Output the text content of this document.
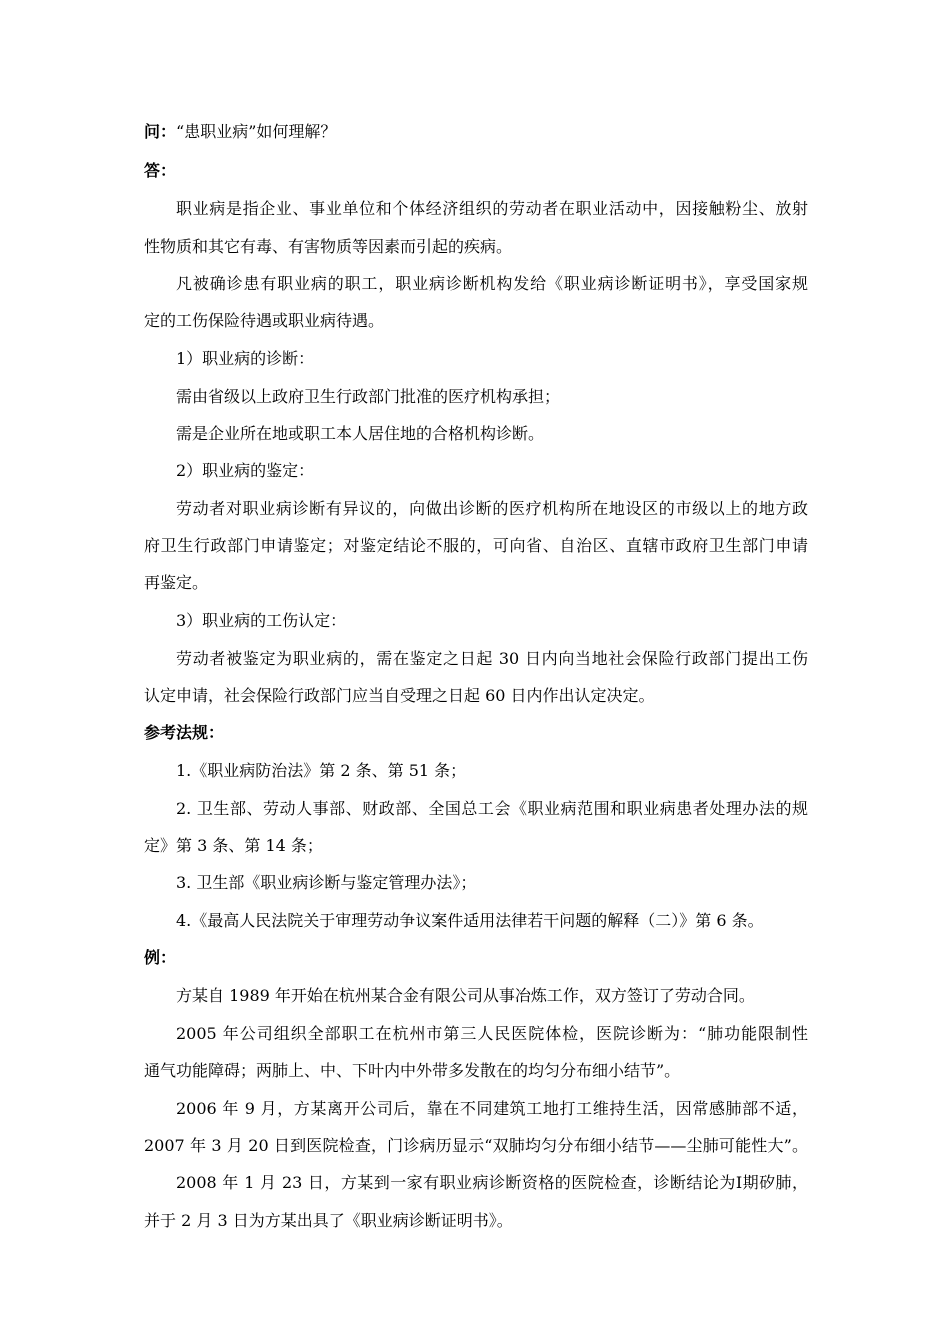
问：“患职业病”如何理解？
答：
职业病是指企业、事业单位和个体经济组织的劳动者在职业活动中，因接触粉尘、放射
性物质和其它有毒、有害物质等因素而引起的疾病。
凡被确诊患有职业病的职工，职业病诊断机构发给《职业病诊断证明书》，享受国家规
定的工伤保险待遇或职业病待遇。
1）职业病的诊断：
需由省级以上政府卫生行政部门批准的医疗机构承担；
需是企业所在地或职工本人居住地的合格机构诊断。
2）职业病的鉴定：
劳动者对职业病诊断有异议的，向做出诊断的医疗机构所在地设区的市级以上的地方政
府卫生行政部门申请鉴定；对鉴定结论不服的，可向省、自治区、直辖市政府卫生部门申请
再鉴定。
3）职业病的工伤认定：
劳动者被鉴定为职业病的，需在鉴定之日起 30 日内向当地社会保险行政部门提出工伤
认定申请，社会保险行政部门应当自受理之日起 60 日内作出认定决定。
参考法规：
1.《职业病防治法》第 2 条、第 51 条；
2. 卫生部、劳动人事部、财政部、全国总工会《职业病范围和职业病患者处理办法的规
定》第 3 条、第 14 条；
3. 卫生部《职业病诊断与鉴定管理办法》；
4.《最高人民法院关于审理劳动争议案件适用法律若干问题的解释（二）》第 6 条。
例：
方某自 1989 年开始在杭州某合金有限公司从事冶炼工作，双方签订了劳动合同。
2005 年公司组织全部职工在杭州市第三人民医院体检，医院诊断为：“肺功能限制性
通气功能障碍；两肺上、中、下叶内中外带多发散在的均匀分布细小结节”。
2006 年 9 月，方某离开公司后，靠在不同建筑工地打工维持生活，因常感肺部不适，
2007 年 3 月 20 日到医院检查，门诊病历显示“双肺均匀分布细小结节——尘肺可能性大”。
2008 年 1 月 23 日，方某到一家有职业病诊断资格的医院检查，诊断结论为Ⅰ期矽肺，
并于 2 月 3 日为方某出具了《职业病诊断证明书》。
